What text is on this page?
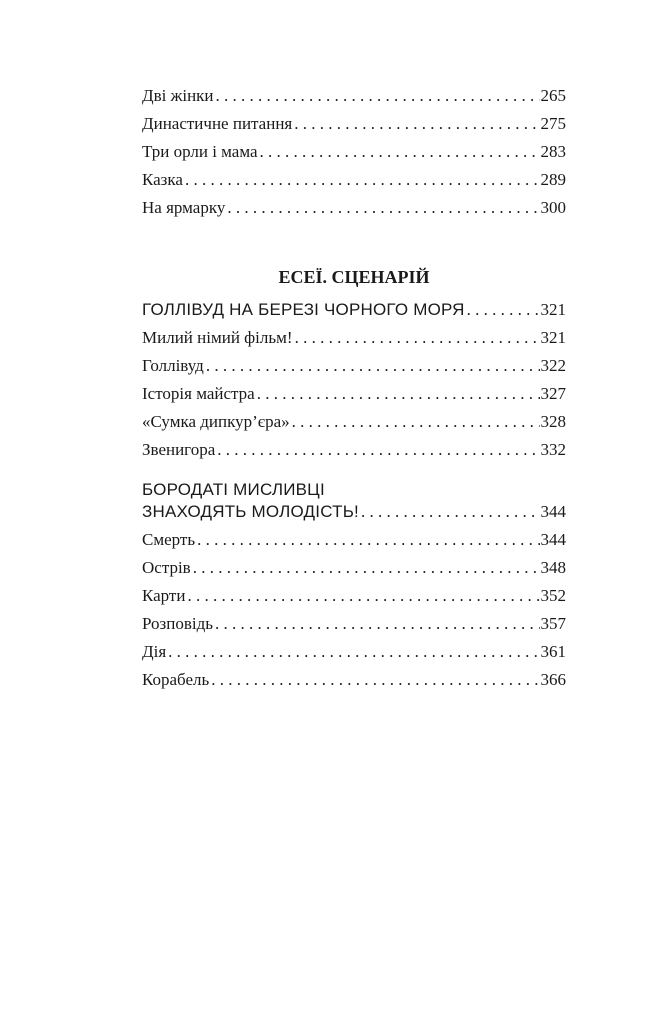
Дві жінки . . .	265
Династичне питання . . .	275
Три орли і мама . . .	283
Казка . . .	289
На ярмарку . . .	300
ЕСЕЇ. СЦЕНАРІЙ
ГОЛЛІВУД НА БЕРЕЗІ ЧОРНОГО МОРЯ . . .	321
Милий німий фільм! . . .	321
Голлівуд . . .	322
Історія майстра . . .	327
«Сумка дипкур’єра» . . .	328
Звенигора . . .	332
БОРОДАТІ МИСЛИВЦІ
ЗНАХОДЯТЬ МОЛОДІСТЬ! . . .	344
Смерть . . .	344
Острів . . .	348
Карти . . .	352
Розповідь . . .	357
Дія . . .	361
Корабель . . .	366
